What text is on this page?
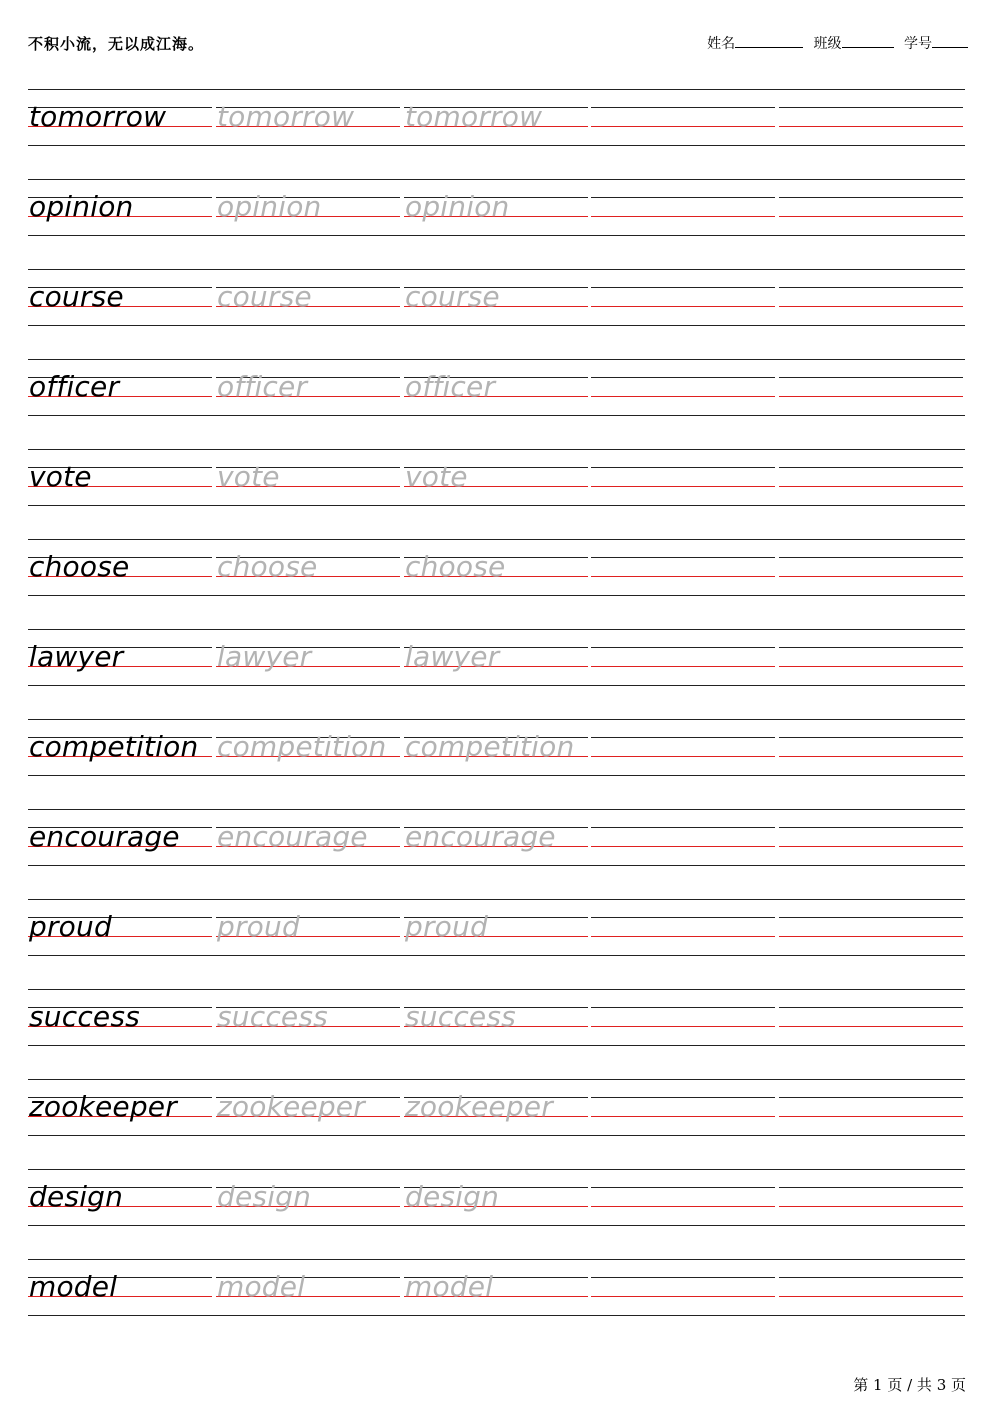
不积小流，无以成江海。	姓名	班级	学号
tomorrow tomorrow tomorrow
opinion	opinion	opinion
course	course	course
officer	officer	officer
vote	vote	vote
choose	choose	choose
lawyer	lawyer	lawyer
competition competition competition
encourage encourage encourage
proud	proud	proud
success	success	success
zookeeper zookeeper zookeeper
design	design	design
model	model	model
第 1 页 / 共 3 页
